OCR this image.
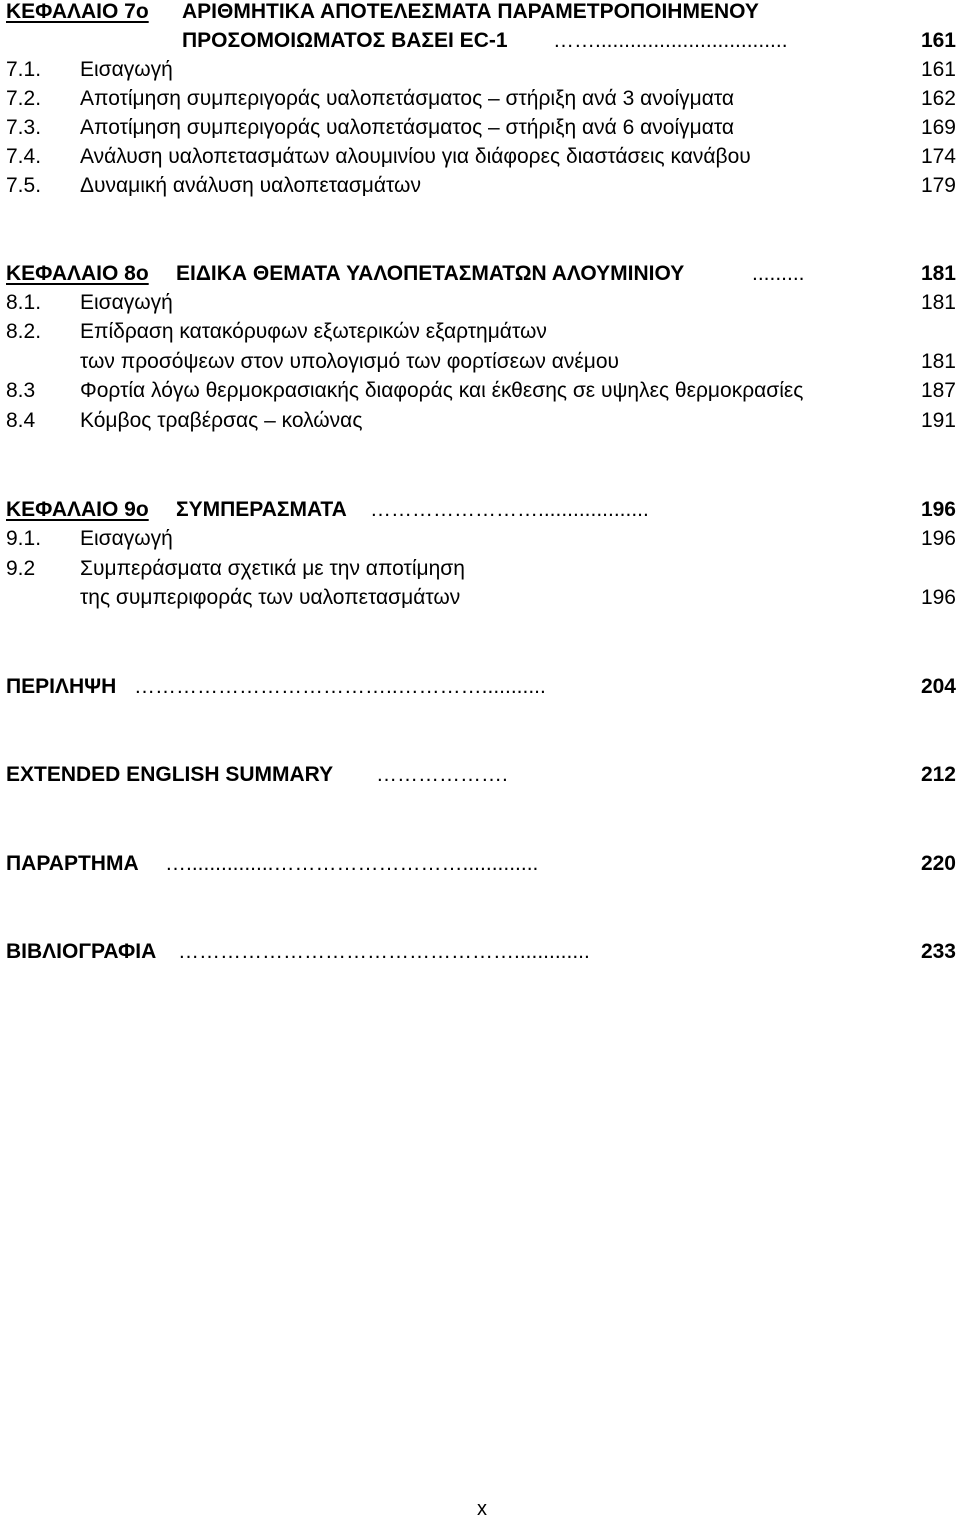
ΚΕΦΑΛΑΙΟ 7ο ΑΡΙΘΜΗΤΙΚΑ ΑΠΟΤΕΛΕΣΜΑΤΑ ΠΑΡΑΜΕΤΡΟΠΟΙΗΜΕΝΟΥ
ΠΡΟΣΟΜΟΙΩΜΑΤΟΣ ΒΑΣΕΙ EC-1 …….................................	161
7.1. Εισαγωγή	161
7.2. Αποτίμηση συμπεριγοράς υαλοπετάσματος – στήριξη ανά 3 ανοίγματα	162
7.3. Αποτίμηση συμπεριγοράς υαλοπετάσματος – στήριξη ανά 6 ανοίγματα	169
7.4. Ανάλυση υαλοπετασμάτων αλουμινίου για διάφορες διαστάσεις κανάβου	174
7.5. Δυναμική ανάλυση υαλοπετασμάτων	179
ΚΕΦΑΛΑΙΟ 8ο ΕΙΔΙΚΑ ΘΕΜΑΤΑ ΥΑΛΟΠΕΤΑΣΜΑΤΩΝ ΑΛΟΥΜΙΝΙΟΥ	.........	181
8.1. Εισαγωγή	181
8.2. Επίδραση κατακόρυφων εξωτερικών εξαρτημάτων
των προσόψεων στον υπολογισμό των φορτίσεων ανέμου	181
8.3 Φορτία λόγω θερμοκρασιακής διαφοράς και έκθεσης σε υψηλες θερμοκρασίες	187
8.4 Κόμβος τραβέρσας – κολώνας	191
ΚΕΦΑΛΑΙΟ 9ο ΣΥΜΠΕΡΑΣΜΑΤΑ ……………………...................	196
9.1. Εισαγωγή	196
9.2 Συμπεράσματα σχετικά με την αποτίμηση
της συμπεριφοράς των υαλοπετασμάτων	196
ΠΕΡΙΛΗΨΗ ………………………………..…………...........	204
EXTENDED ENGLISH SUMMARY ……………….	212
ΠΑΡΑΡΤΗΜΑ …...............……………………….............	220
ΒΙΒΛΙΟΓΡΑΦΙΑ ………………………………………….............	233
x
